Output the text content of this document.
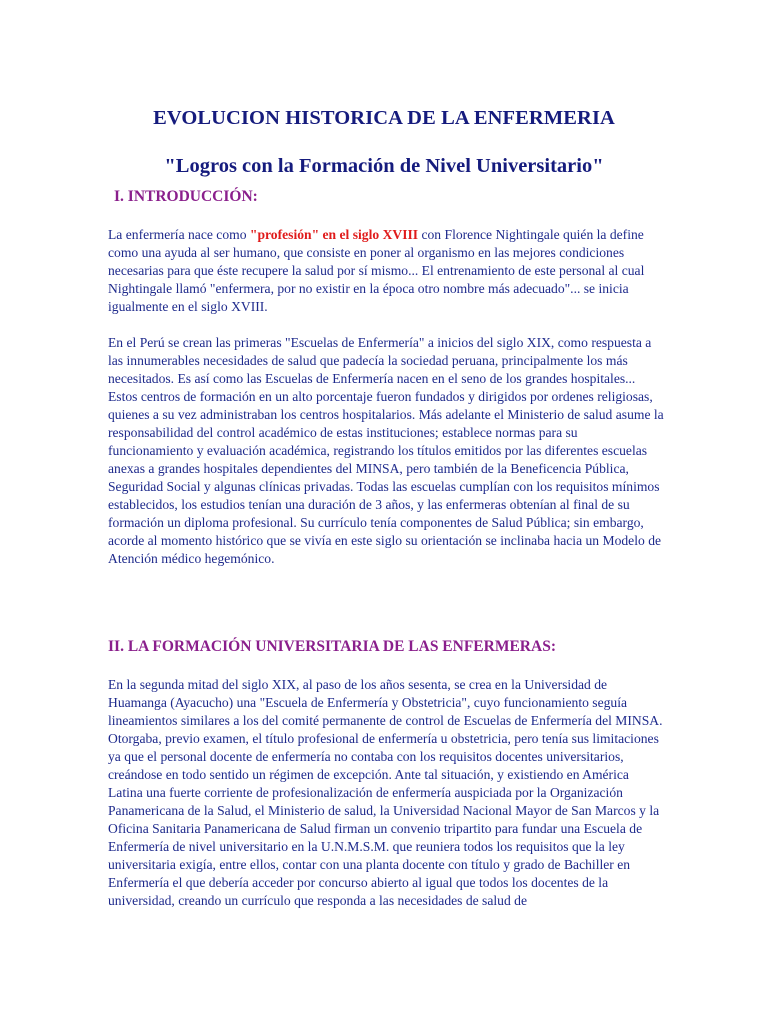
EVOLUCION HISTORICA DE LA ENFERMERIA
"Logros con la Formación de Nivel Universitario"
I. INTRODUCCIÓN:

La enfermería nace como "profesión" en el siglo XVIII con Florence Nightingale quién la define como una ayuda al ser humano, que consiste en poner al organismo en las mejores condiciones necesarias para que éste recupere la salud por sí mismo... El entrenamiento de este personal al cual Nightingale llamó "enfermera, por no existir en la época otro nombre más adecuado"... se inicia igualmente en el siglo XVIII.

En el Perú se crean las primeras "Escuelas de Enfermería" a inicios del siglo XIX, como respuesta a las innumerables necesidades de salud que padecía la sociedad peruana, principalmente los más necesitados. Es así como las Escuelas de Enfermería nacen en el seno de los grandes hospitales... Estos centros de formación en un alto porcentaje fueron fundados y dirigidos por ordenes religiosas, quienes a su vez administraban los centros hospitalarios. Más adelante el Ministerio de salud asume la responsabilidad del control académico de estas instituciones; establece normas para su funcionamiento y evaluación académica, registrando los títulos emitidos por las diferentes escuelas anexas a grandes hospitales dependientes del MINSA, pero también de la Beneficencia Pública, Seguridad Social y algunas clínicas privadas. Todas las escuelas cumplían con los requisitos mínimos establecidos, los estudios tenían una duración de 3 años, y las enfermeras obtenían al final de su formación un diploma profesional. Su currículo tenía componentes de Salud Pública; sin embargo, acorde al momento histórico que se vivía en este siglo su orientación se inclinaba hacia un Modelo de Atención médico hegemónico.

II. LA FORMACIÓN UNIVERSITARIA DE LAS ENFERMERAS:

En la segunda mitad del siglo XIX, al paso de los años sesenta, se crea en la Universidad de Huamanga (Ayacucho) una "Escuela de Enfermería y Obstetricia", cuyo funcionamiento seguía lineamientos similares a los del comité permanente de control de Escuelas de Enfermería del MINSA. Otorgaba, previo examen, el título profesional de enfermería u obstetricia, pero tenía sus limitaciones ya que el personal docente de enfermería no contaba con los requisitos docentes universitarios, creándose en todo sentido un régimen de excepción. Ante tal situación, y existiendo en América Latina una fuerte corriente de profesionalización de enfermería auspiciada por la Organización Panamericana de la Salud, el Ministerio de salud, la Universidad Nacional Mayor de San Marcos y la Oficina Sanitaria Panamericana de Salud firman un convenio tripartito para fundar una Escuela de Enfermería de nivel universitario en la U.N.M.S.M. que reuniera todos los requisitos que la ley universitaria exigía, entre ellos, contar con una planta docente con título y grado de Bachiller en Enfermería el que debería acceder por concurso abierto al igual que todos los docentes de la universidad, creando un currículo que responda a las necesidades de salud de
